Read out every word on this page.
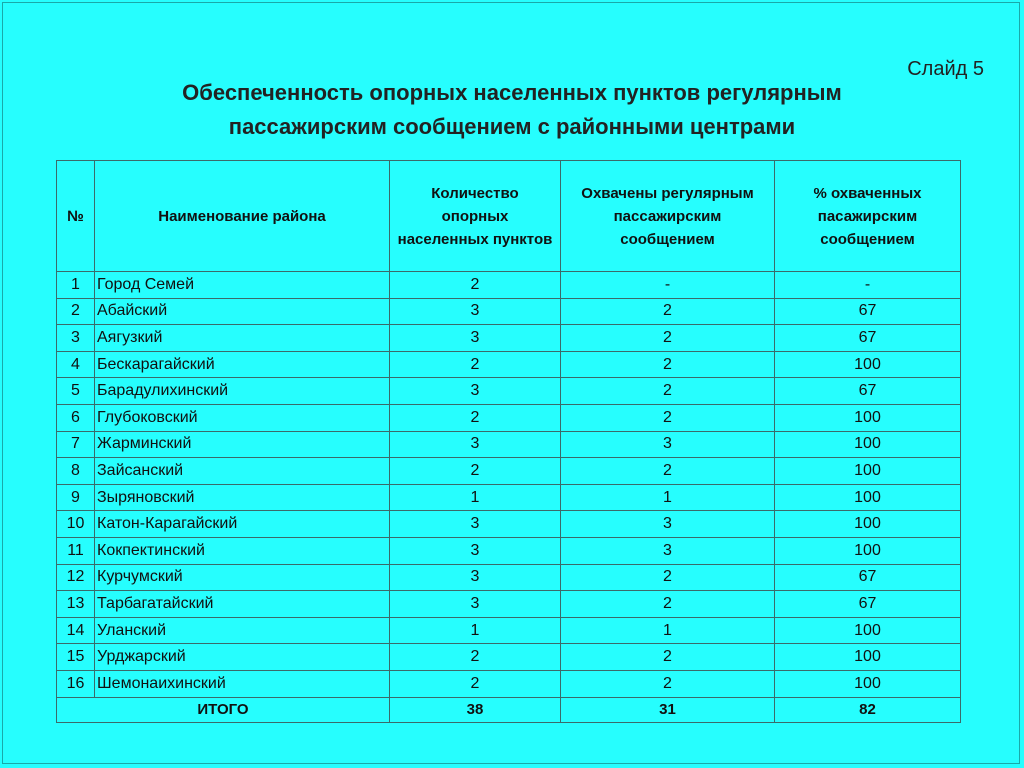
Слайд 5
Обеспеченность опорных населенных пунктов регулярным
пассажирским сообщением с районными центрами
№	Наименование района	Количество опорных населенных пунктов	Охвачены регулярным пассажирским сообщением	% охваченных пасажирским сообщением
1	Город Семей	2	-	-
2	Абайский	3	2	67
3	Аягузкий	3	2	67
4	Бескарагайский	2	2	100
5	Барадулихинский	3	2	67
6	Глубоковский	2	2	100
7	Жарминский	3	3	100
8	Зайсанский	2	2	100
9	Зыряновский	1	1	100
10	Катон-Карагайский	3	3	100
11	Кокпектинский	3	3	100
12	Курчумский	3	2	67
13	Тарбагатайский	3	2	67
14	Уланский	1	1	100
15	Урджарский	2	2	100
16	Шемонаихинский	2	2	100
ИТОГО		38	31	82
